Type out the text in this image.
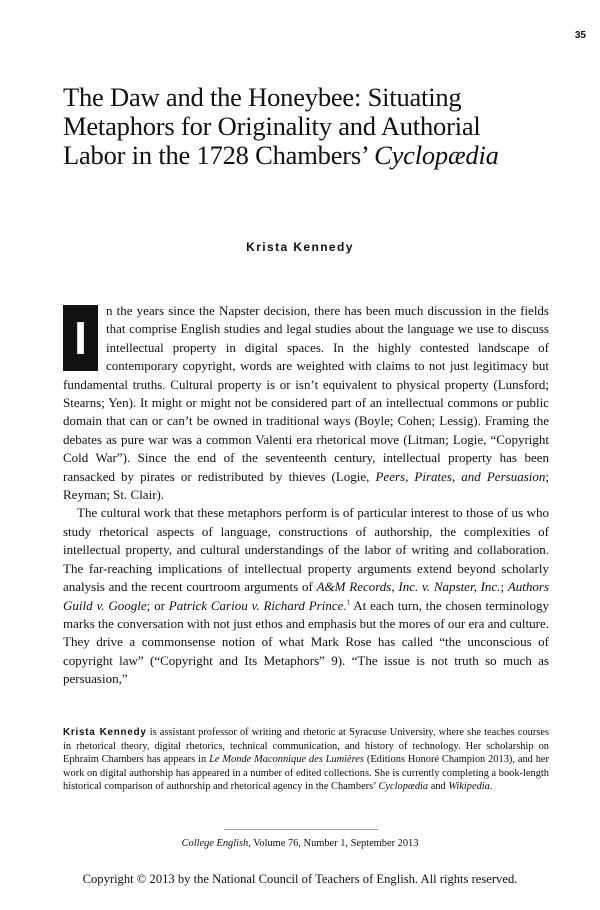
35
The Daw and the Honeybee: Situating
Metaphors for Originality and Authorial
Labor in the 1728 Chambers’ Cyclopædia
Krista Kennedy

I
n the years since the Napster decision, there has been much discussion in the fields that comprise English studies and legal studies about the language we use to discuss intellectual property in digital spaces. In the highly contested landscape of contemporary copyright, words are weighted with claims to not just legitimacy but fundamental truths. Cultural property is or isn’t equivalent to physical property (Lunsford; Stearns; Yen). It might or might not be considered part of an intellectual commons or public domain that can or can’t be owned in traditional ways (Boyle; Cohen; Lessig). Framing the debates as pure war was a common Valenti era rhetorical move (Litman; Logie, “Copyright Cold War”). Since the end of the seventeenth century, intellectual property has been ransacked by pirates or redistributed by thieves (Logie, Peers, Pirates, and Persuasion; Reyman; St. Clair).

The cultural work that these metaphors perform is of particular interest to those of us who study rhetorical aspects of language, constructions of authorship, the complexities of intellectual property, and cultural understandings of the labor of writing and collaboration. The far-reaching implications of intellectual property arguments extend beyond scholarly analysis and the recent courtroom arguments of A&M Records, Inc. v. Napster, Inc.; Authors Guild v. Google; or Patrick Cariou v. Richard Prince.$^1$ At each turn, the chosen terminology marks the conversation with not just ethos and emphasis but the mores of our era and culture. They drive a commonsense notion of what Mark Rose has called “the unconscious of copyright law” (“Copyright and Its Metaphors” 9). “The issue is not truth so much as persuasion,”

Krista Kennedy is assistant professor of writing and rhetoric at Syracuse University, where she teaches courses in rhetorical theory, digital rhetorics, technical communication, and history of technology. Her scholarship on Ephraim Chambers has appears in Le Monde Maconnique des Lumières (Editions Honoré Champion 2013), and her work on digital authorship has appeared in a number of edited collections. She is currently completing a book-length historical comparison of authorship and rhetorical agency in the Chambers’ Cyclopædia and Wikipedia.
College English, Volume 76, Number 1, September 2013
Copyright © 2013 by the National Council of Teachers of English. All rights reserved.
